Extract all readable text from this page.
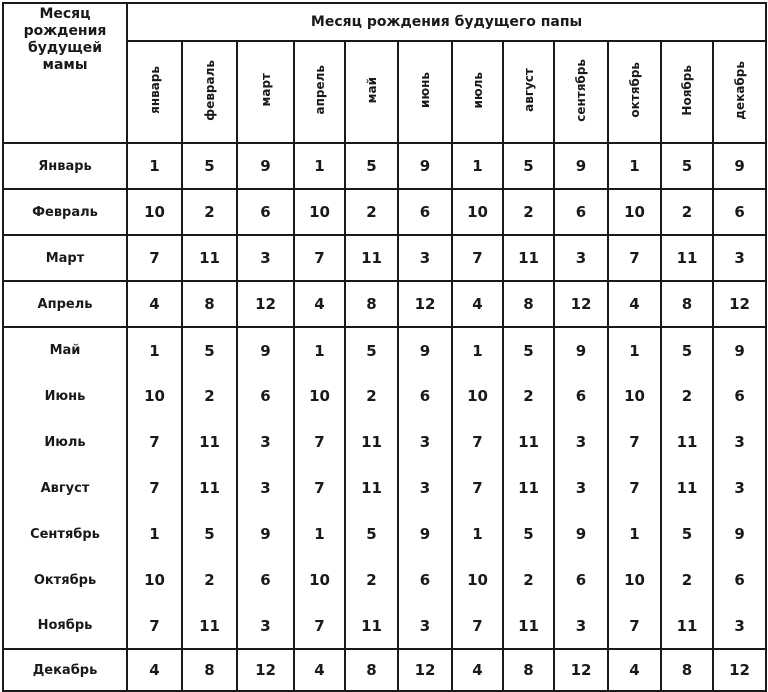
Месяц рождения будущей мамы	Месяц рождения будущего папы											
	январь	февраль	март	апрель	май	июнь	июль	август	сентябрь	октябрь	Ноябрь	декабрь
Январь	1	5	9	1	5	9	1	5	9	1	5	9
Февраль	10	2	6	10	2	6	10	2	6	10	2	6
Март	7	11	3	7	11	3	7	11	3	7	11	3
Апрель	4	8	12	4	8	12	4	8	12	4	8	12
Май	1	5	9	1	5	9	1	5	9	1	5	9
Июнь	10	2	6	10	2	6	10	2	6	10	2	6
Июль	7	11	3	7	11	3	7	11	3	7	11	3
Август	7	11	3	7	11	3	7	11	3	7	11	3
Сентябрь	1	5	9	1	5	9	1	5	9	1	5	9
Октябрь	10	2	6	10	2	6	10	2	6	10	2	6
Ноябрь	7	11	3	7	11	3	7	11	3	7	11	3
Декабрь	4	8	12	4	8	12	4	8	12	4	8	12
